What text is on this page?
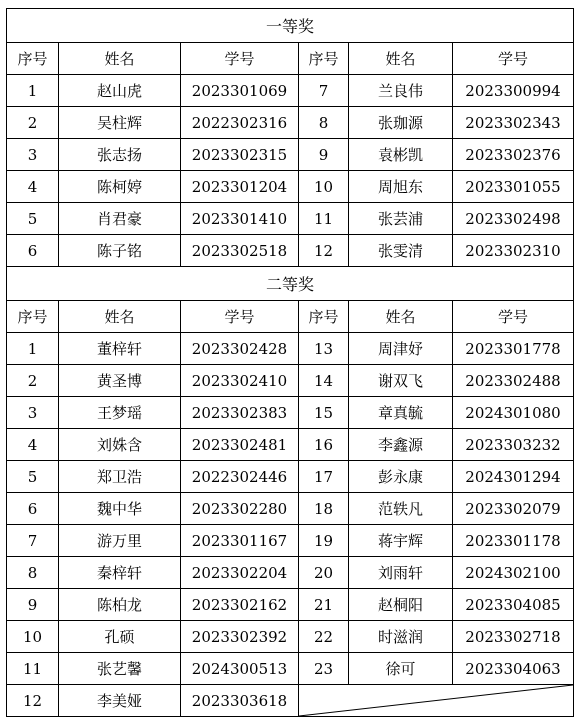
一等奖					
序号	姓名	学号	序号	姓名	学号
1	赵山虎	2023301069	7	兰良伟	2023300994
2	吴柱辉	2022302316	8	张珈源	2023302343
3	张志扬	2023302315	9	袁彬凯	2023302376
4	陈柯婷	2023301204	10	周旭东	2023301055
5	肖君豪	2023301410	11	张芸浦	2023302498
6	陈子铭	2023302518	12	张雯清	2023302310
二等奖					
序号	姓名	学号	序号	姓名	学号
1	董梓轩	2023302428	13	周津妤	2023301778
2	黄圣博	2023302410	14	谢双飞	2023302488
3	王梦瑶	2023302383	15	章真毓	2024301080
4	刘姝含	2023302481	16	李鑫源	2023303232
5	郑卫浩	2022302446	17	彭永康	2024301294
6	魏中华	2023302280	18	范轶凡	2023302079
7	游万里	2023301167	19	蒋宇辉	2023301178
8	秦梓轩	2023302204	20	刘雨轩	2024302100
9	陈柏龙	2023302162	21	赵桐阳	2023304085
10	孔硕	2023302392	22	时滋润	2023302718
11	张艺馨	2024300513	23	徐可	2023304063
12	李美娅	2023303618	
